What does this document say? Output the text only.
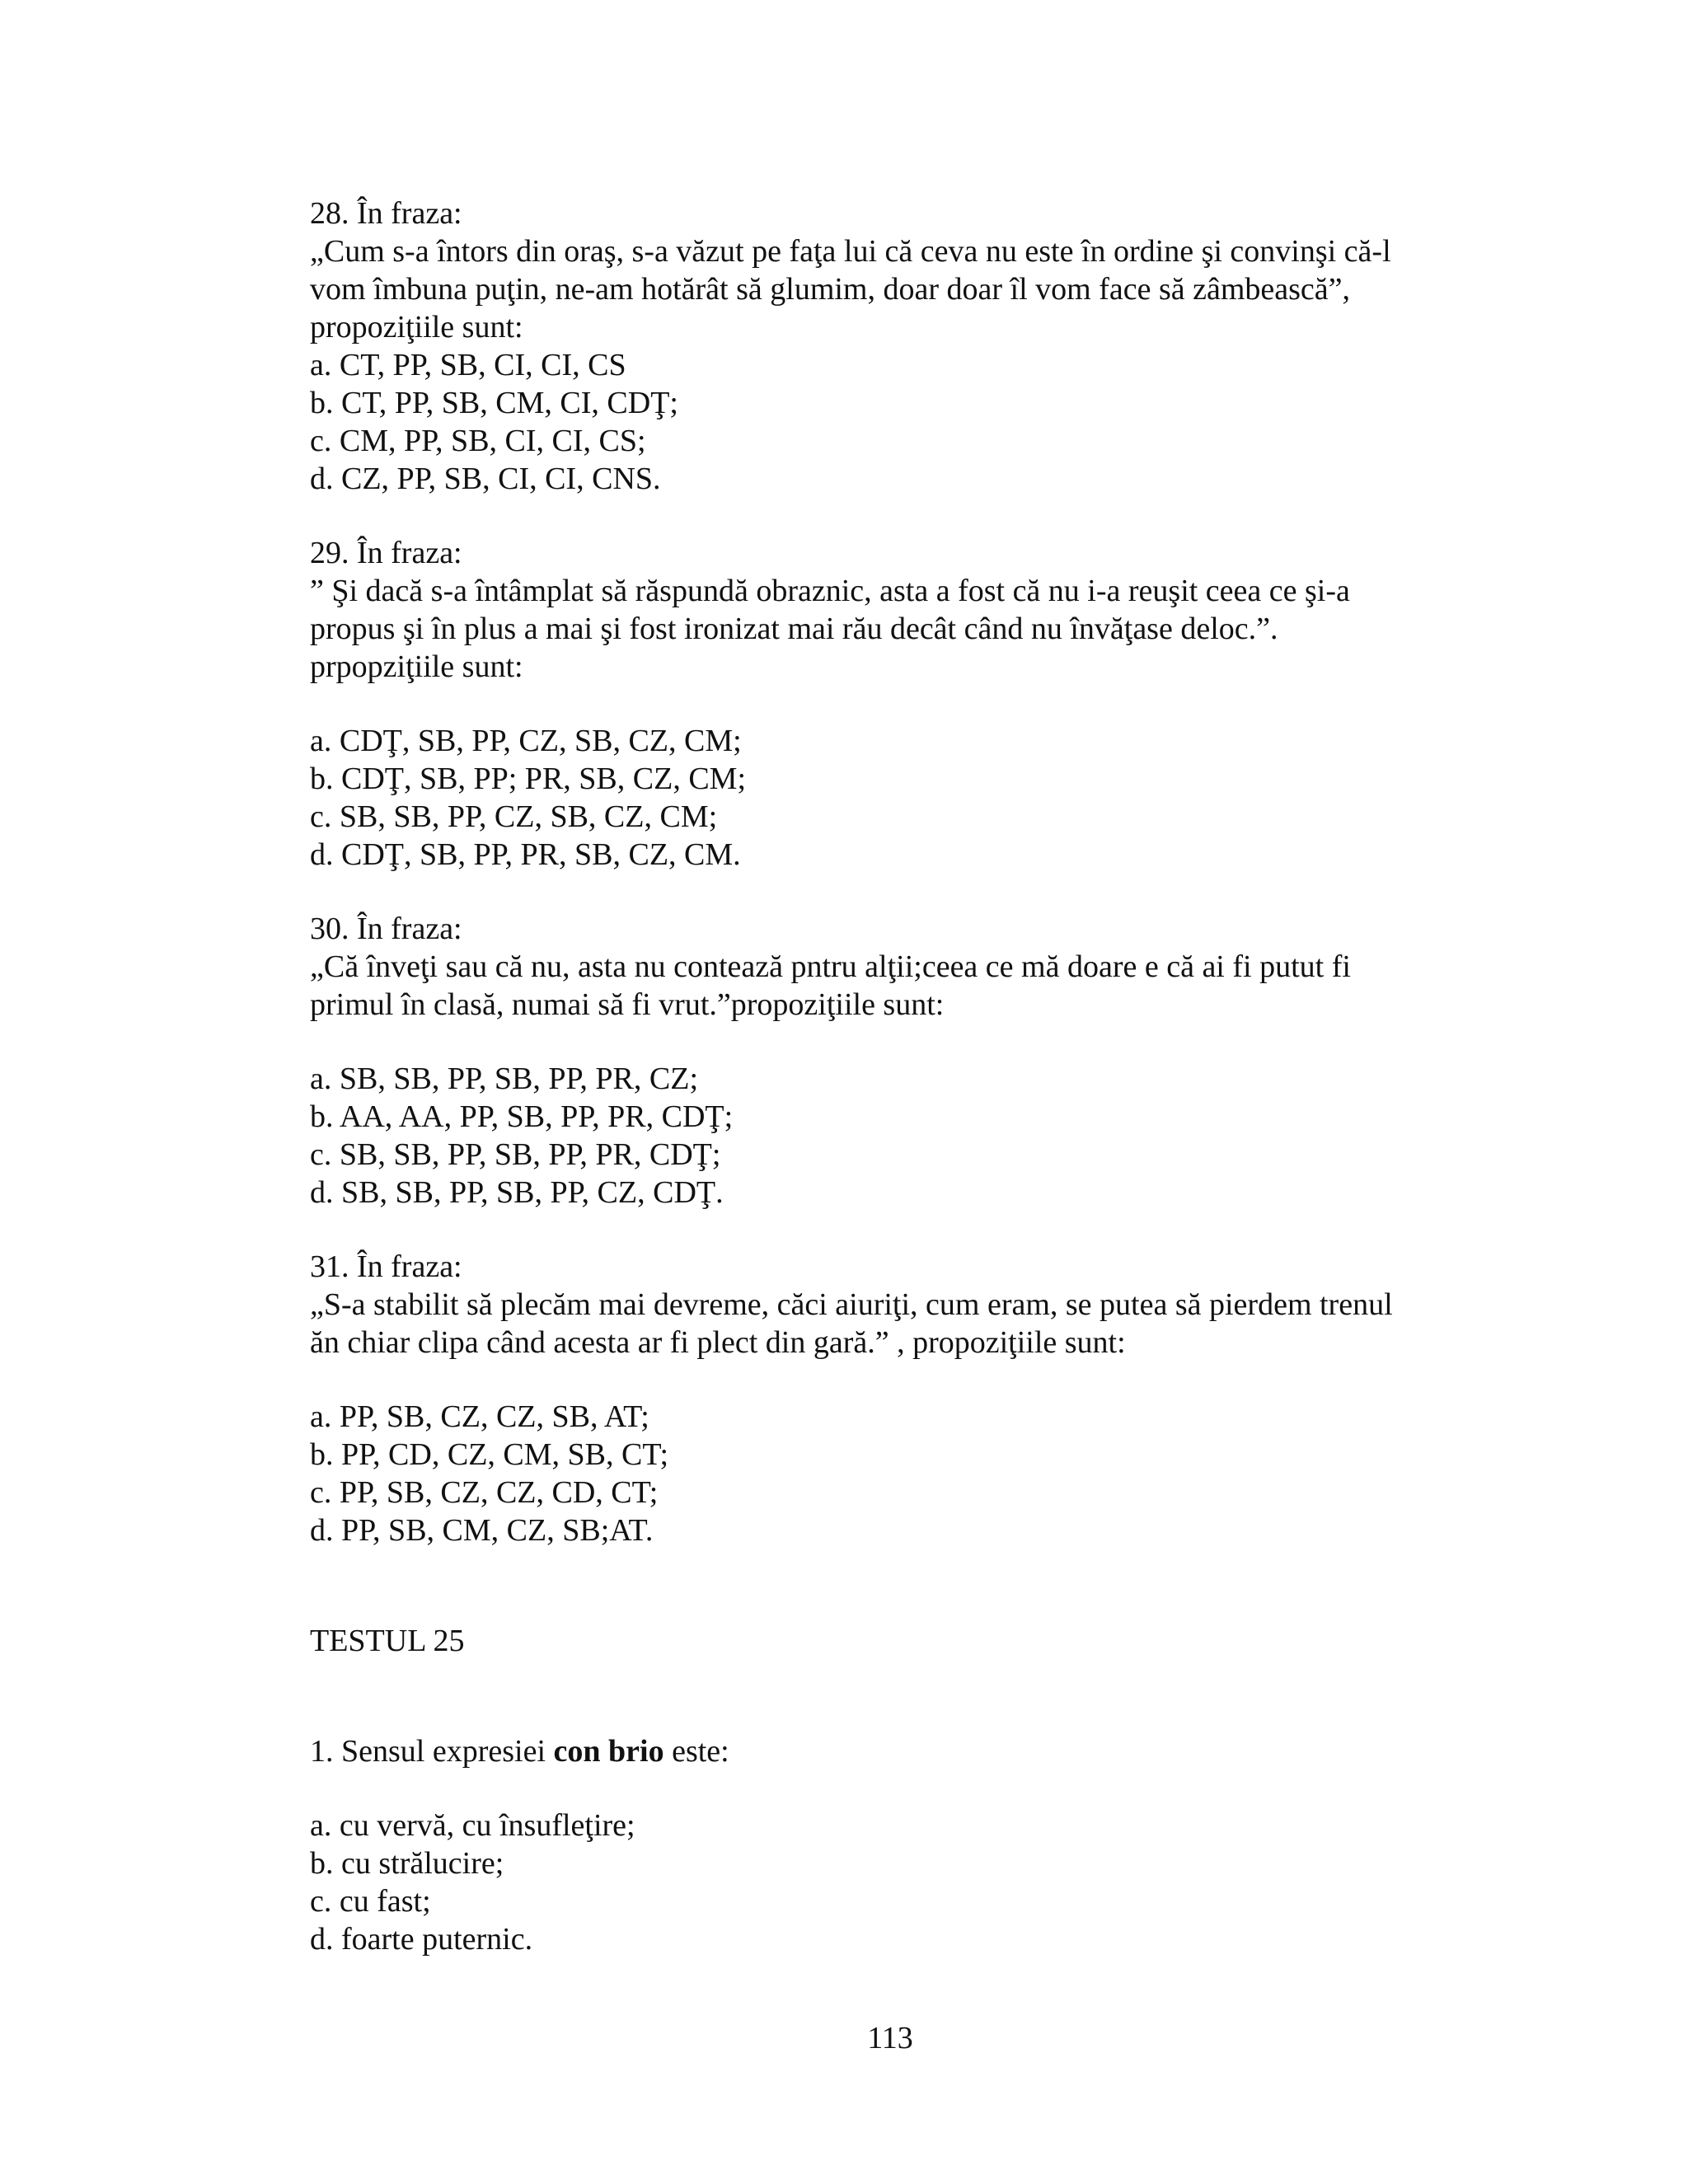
28. În fraza:
„Cum s-a întors din oraş, s-a văzut pe faţa lui că ceva nu este în ordine şi convinşi că-l
vom îmbuna puţin, ne-am hotărât să glumim, doar doar îl vom face să zâmbească”,
propoziţiile sunt:
a. CT, PP, SB, CI, CI, CS
b. CT, PP, SB, CM, CI, CDŢ;
c. CM, PP, SB, CI, CI, CS;
d. CZ, PP, SB, CI, CI, CNS.
29. În fraza:
” Şi dacă s-a întâmplat să răspundă obraznic, asta a fost că nu i-a reuşit ceea ce şi-a
propus şi în plus a mai şi fost ironizat mai rău decât când nu învăţase deloc.”.
prpopziţiile sunt:
a. CDŢ, SB, PP, CZ, SB, CZ, CM;
b. CDŢ, SB, PP; PR, SB, CZ, CM;
c. SB, SB, PP, CZ, SB, CZ, CM;
d. CDŢ, SB, PP, PR, SB, CZ, CM.
30. În fraza:
„Că înveţi sau că nu, asta nu contează pntru alţii;ceea ce mă doare e că ai fi putut fi
primul în clasă, numai să fi vrut.”propoziţiile sunt:
a. SB, SB, PP, SB, PP, PR, CZ;
b. AA, AA, PP, SB, PP, PR, CDŢ;
c. SB, SB, PP, SB, PP, PR, CDŢ;
d. SB, SB, PP, SB, PP, CZ, CDŢ.
31. În fraza:
„S-a stabilit să plecăm mai devreme, căci aiuriţi, cum eram, se putea să pierdem trenul
ăn chiar clipa când acesta ar fi plect din gară.” , propoziţiile sunt:
a. PP, SB, CZ, CZ, SB, AT;
b. PP, CD, CZ, CM, SB, CT;
c. PP, SB, CZ, CZ, CD, CT;
d. PP, SB, CM, CZ, SB;AT.
TESTUL 25
1. Sensul expresiei con brio este:
a. cu vervă, cu însufleţire;
b. cu strălucire;
c. cu fast;
d. foarte puternic.
113
